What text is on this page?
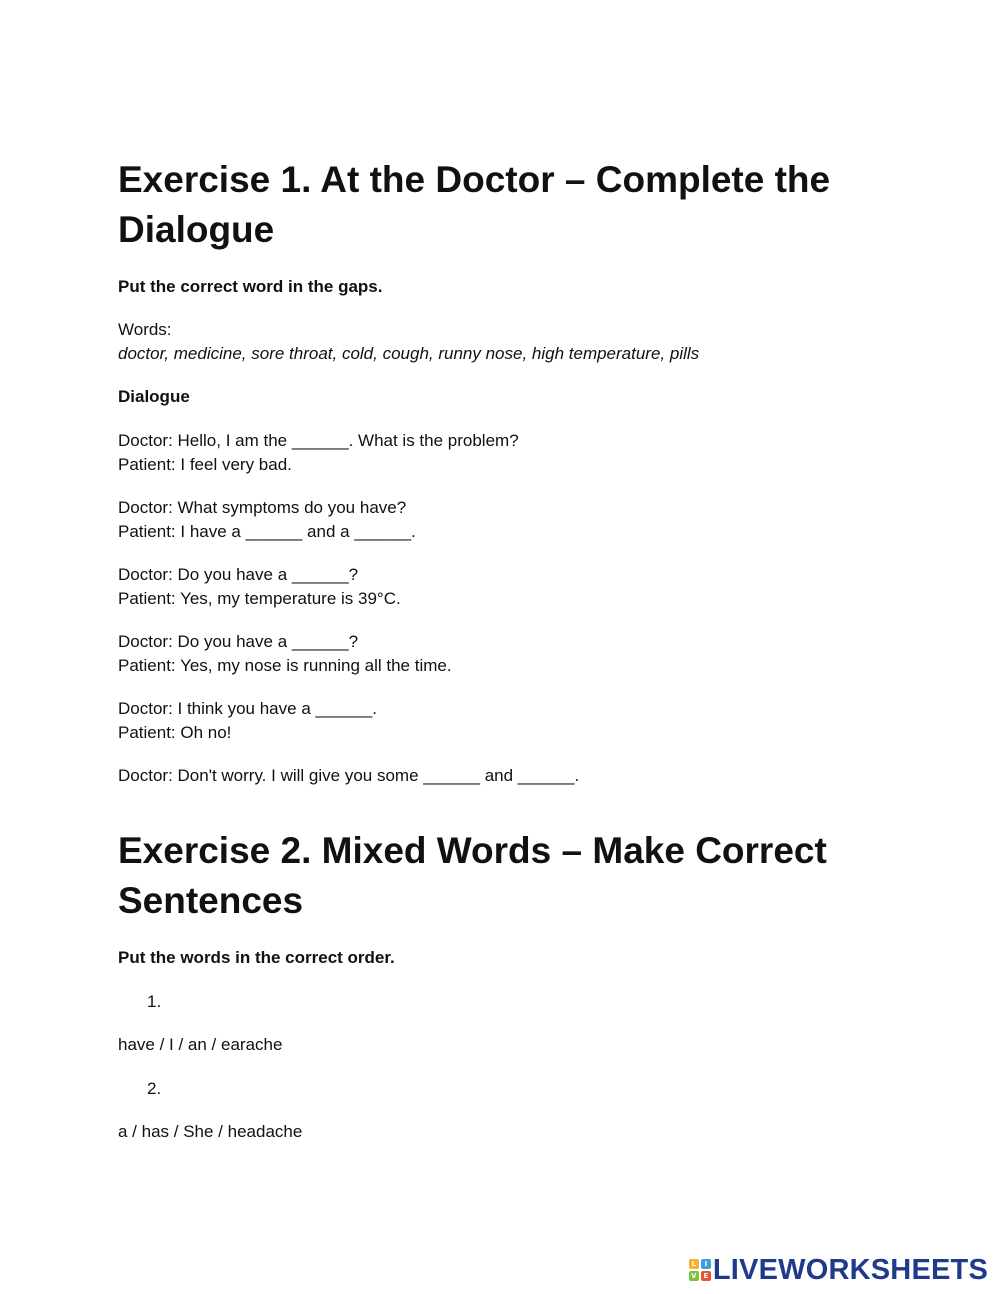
Exercise 1. At the Doctor – Complete the Dialogue
Put the correct word in the gaps.
Words:
doctor, medicine, sore throat, cold, cough, runny nose, high temperature, pills
Dialogue
Doctor: Hello, I am the ______. What is the problem?
Patient: I feel very bad.
Doctor: What symptoms do you have?
Patient: I have a ______ and a ______.
Doctor: Do you have a ______?
Patient: Yes, my temperature is 39°C.
Doctor: Do you have a ______?
Patient: Yes, my nose is running all the time.
Doctor: I think you have a ______.
Patient: Oh no!
Doctor: Don't worry. I will give you some ______ and ______.
Exercise 2. Mixed Words – Make Correct Sentences
Put the words in the correct order.
1.
have / I / an / earache
2.
a / has / She / headache
L	I
V E LIVEWORKSHEETS
